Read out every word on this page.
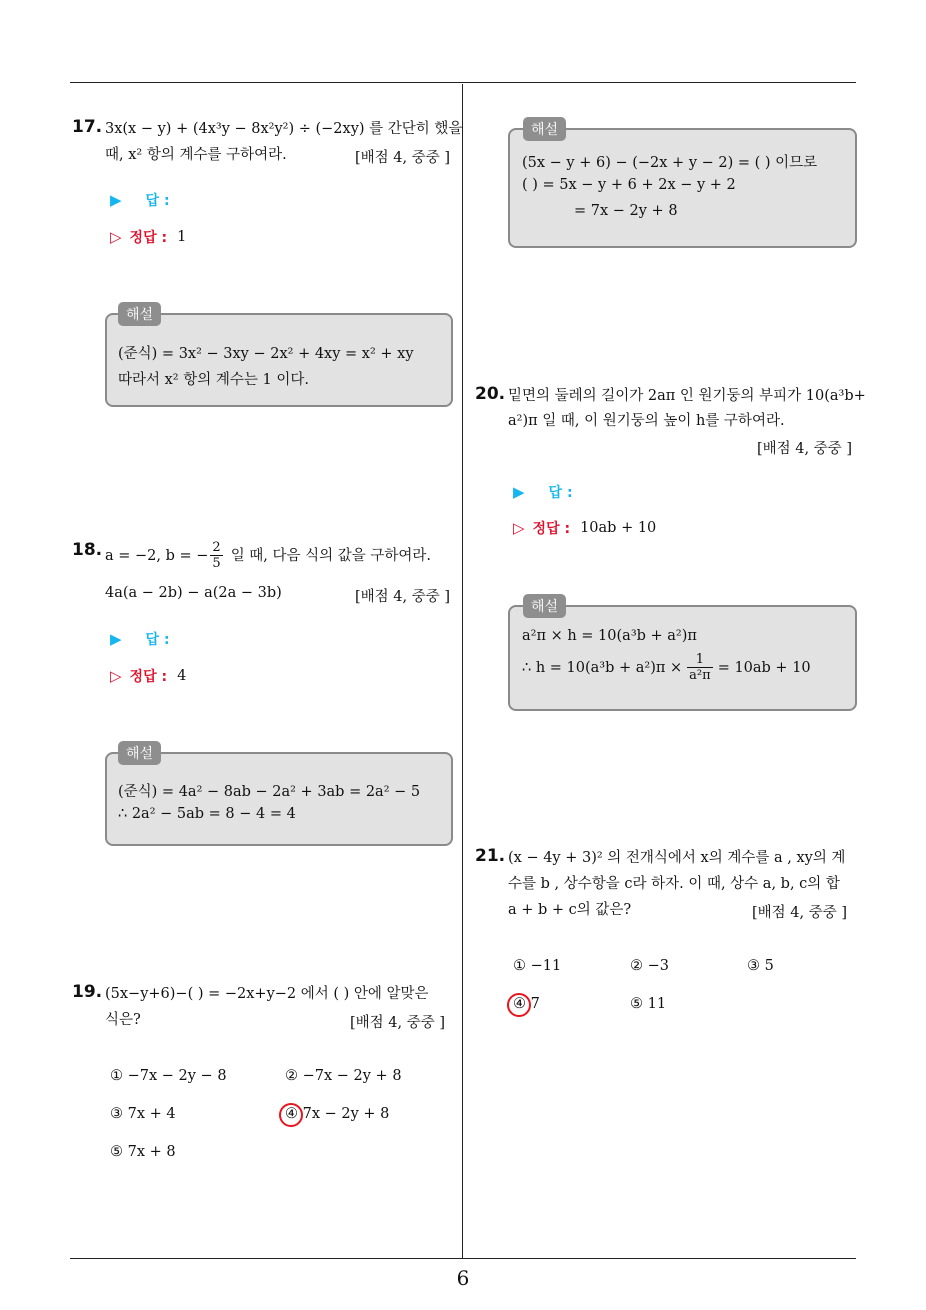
6
17. 3x(x − y) + (4x³y − 8x²y²) ÷ (−2xy) 를 간단히 했을
때, x² 항의 계수를 구하여라.	[배점 4, 중중 ]
▶ 답 :
▷ 정답 : 1
해설
(준식) = 3x² − 3xy − 2x² + 4xy = x² + xy
따라서 x² 항의 계수는 1 이다.
18. a = −2, b = − $\frac{2}{5}$ 일 때, 다음 식의 값을 구하여라.
4a(a − 2b) − a(2a − 3b)	[배점 4, 중중 ]
▶ 답 :
▷ 정답 : 4
해설
(준식) = 4a² − 8ab − 2a² + 3ab = 2a² − 5
∴ 2a² − 5ab = 8 − 4 = 4
19. (5x−y+6)−( ) = −2x+y−2 에서 ( ) 안에 알맞은
식은?	[배점 4, 중중 ]
① −7x − 2y − 8	② −7x − 2y + 8
③ 7x + 4	④ 7x − 2y + 8
⑤ 7x + 8
해설
(5x − y + 6) − (−2x + y − 2) = ( ) 이므로
( ) = 5x − y + 6 + 2x − y + 2
= 7x − 2y + 8
20. 밑면의 둘레의 길이가 2aπ 인 원기둥의 부피가 10(a³b+
a²)π 일 때, 이 원기둥의 높이 h를 구하여라.
[배점 4, 중중 ]
▶ 답 :
▷ 정답 : 10ab + 10
해설
a²π × h = 10(a³b + a²)π
∴ $h = 10(a^3b + a^2)\pi \times \frac{1}{\text{a²π}} = 10ab + 10$
21. (x − 4y + 3)² 의 전개식에서 x의 계수를 a , xy의 계
수를 b , 상수항을 c라 하자. 이 때, 상수 a, b, c의 합
a + b + c의 값은?	[배점 4, 중중 ]
① −11	② −3	③ 5
④ 7	⑤ 11
